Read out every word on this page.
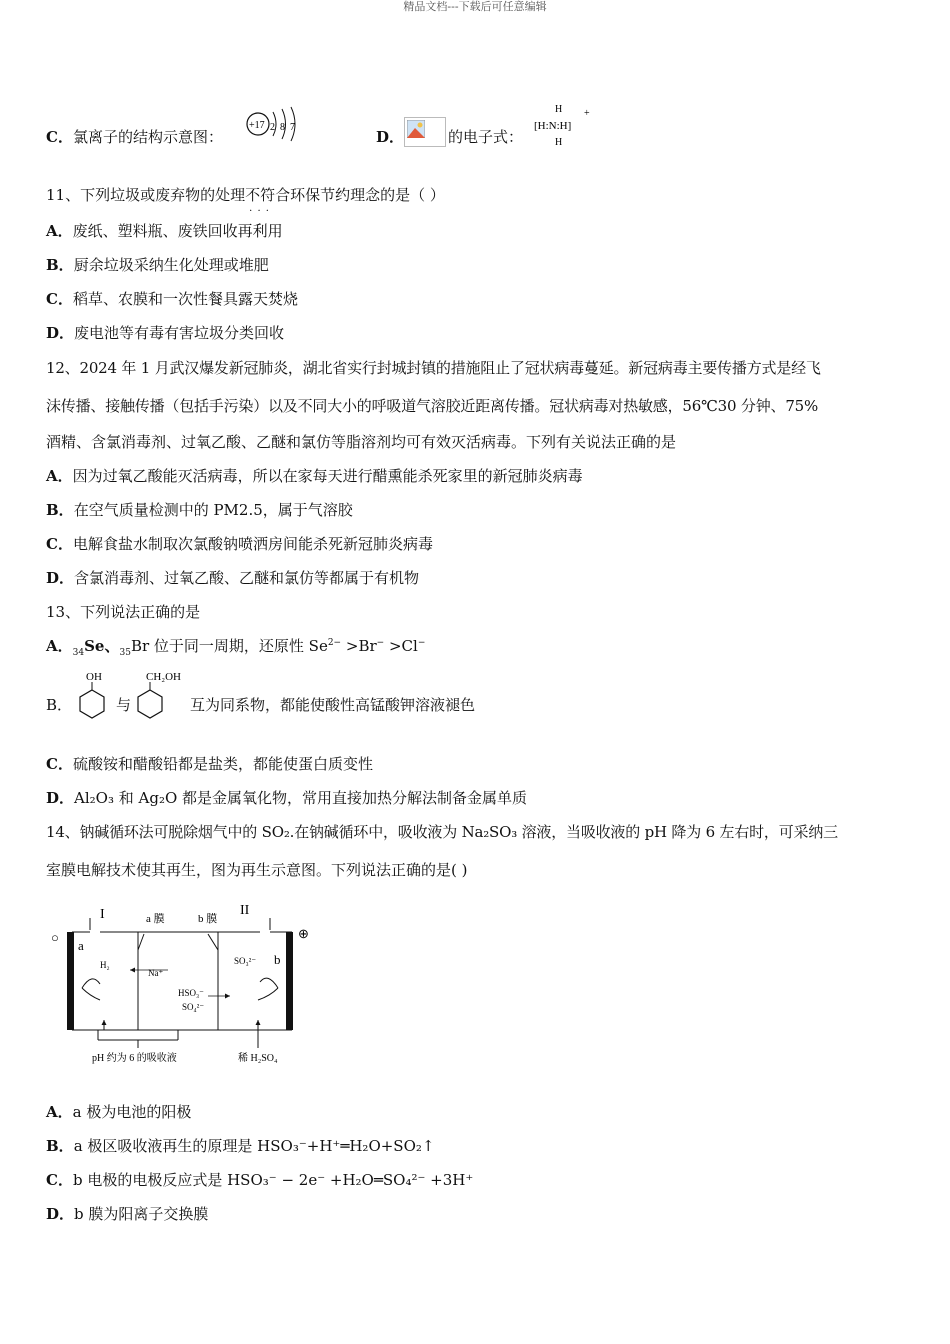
精品文档---下载后可任意编辑
C．氯离子的结构示意图：
+17 2 8 7
D．	的电子式：
H
[H:N:H]
H
+
11、下列垃圾或废弃物的处理不符合 · · ·环保节约理念的是（ ）
A．废纸、塑料瓶、废铁回收再利用
B．厨余垃圾采纳生化处理或堆肥
C．稻草、农膜和一次性餐具露天焚烧
D．废电池等有毒有害垃圾分类回收
12、2024 年 1 月武汉爆发新冠肺炎，湖北省实行封城封镇的措施阻止了冠状病毒蔓延。新冠病毒主要传播方式是经飞
沫传播、接触传播（包括手污染）以及不同大小的呼吸道气溶胶近距离传播。冠状病毒对热敏感，56℃30 分钟、75%
酒精、含氯消毒剂、过氧乙酸、乙醚和氯仿等脂溶剂均可有效灭活病毒。下列有关说法正确的是
A．因为过氧乙酸能灭活病毒，所以在家每天进行醋熏能杀死家里的新冠肺炎病毒
B．在空气质量检测中的 PM2.5，属于气溶胶
C．电解食盐水制取次氯酸钠喷洒房间能杀死新冠肺炎病毒
D．含氯消毒剂、过氧乙酸、乙醚和氯仿等都属于有机物
13、下列说法正确的是
A．$_{34}$Se、$_{35}$Br 位于同一周期，还原性 $Se^{2-} >Br^- >Cl^-$
B．
OH
与
CH₂OH
互为同系物，都能使酸性高锰酸钾溶液褪色
C．硫酸铵和醋酸铅都是盐类，都能使蛋白质变性
D．Al₂O₃ 和 Ag₂O 都是金属氧化物，常用直接加热分解法制备金属单质
14、钠碱循环法可脱除烟气中的 SO₂.在钠碱循环中，吸收液为 Na₂SO₃ 溶液，当吸收液的 pH 降为 6 左右时，可采纳三
室膜电解技术使其再生，图为再生示意图。下列说法正确的是( )
I	II
a 膜	b 膜
○	⊕
a
b
H₂
Na⁺
SO₃²⁻
HSO₃⁻
SO₄²⁻
pH 约为 6 的吸收液	稀 H₂SO₄
A．a 极为电池的阳极
B．a 极区吸收液再生的原理是 HSO₃⁻+H⁺═H₂O+SO₂↑
C．b 电极的电极反应式是 HSO₃⁻ − 2e⁻ +H₂O═SO₄²⁻ +3H⁺
D．b 膜为阳离子交换膜
